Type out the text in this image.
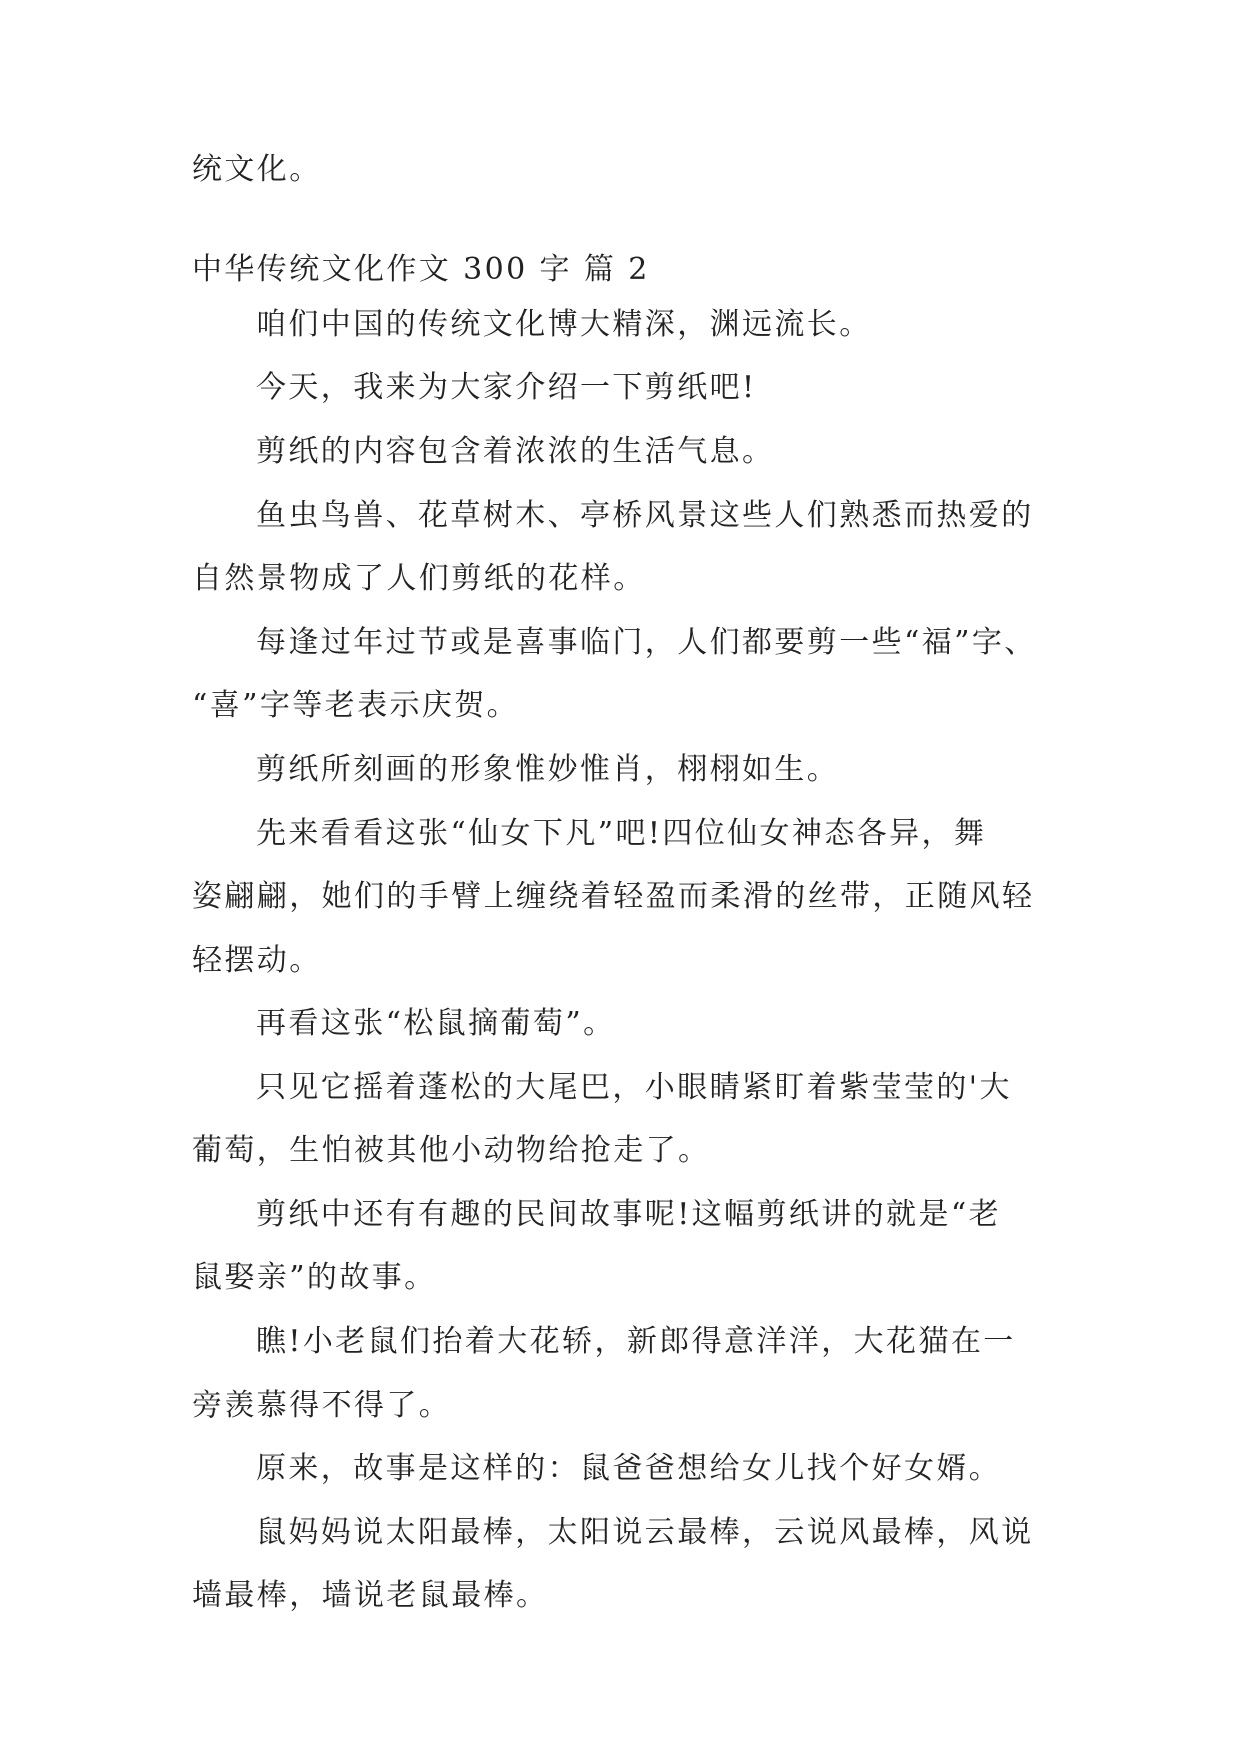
统文化。
中华传统文化作文 300 字 篇 2
咱们中国的传统文化博大精深，渊远流长。
今天，我来为大家介绍一下剪纸吧!
剪纸的内容包含着浓浓的生活气息。
鱼虫鸟兽、花草树木、亭桥风景这些人们熟悉而热爱的
自然景物成了人们剪纸的花样。
每逢过年过节或是喜事临门，人们都要剪一些“福”字、
“喜”字等老表示庆贺。
剪纸所刻画的形象惟妙惟肖，栩栩如生。
先来看看这张“仙女下凡”吧!四位仙女神态各异，舞
姿翩翩，她们的手臂上缠绕着轻盈而柔滑的丝带，正随风轻
轻摆动。
再看这张“松鼠摘葡萄”。
只见它摇着蓬松的大尾巴，小眼睛紧盯着紫莹莹的'大
葡萄，生怕被其他小动物给抢走了。
剪纸中还有有趣的民间故事呢!这幅剪纸讲的就是“老
鼠娶亲”的故事。
瞧!小老鼠们抬着大花轿，新郎得意洋洋，大花猫在一
旁羡慕得不得了。
原来，故事是这样的：鼠爸爸想给女儿找个好女婿。
鼠妈妈说太阳最棒，太阳说云最棒，云说风最棒，风说
墙最棒，墙说老鼠最棒。
